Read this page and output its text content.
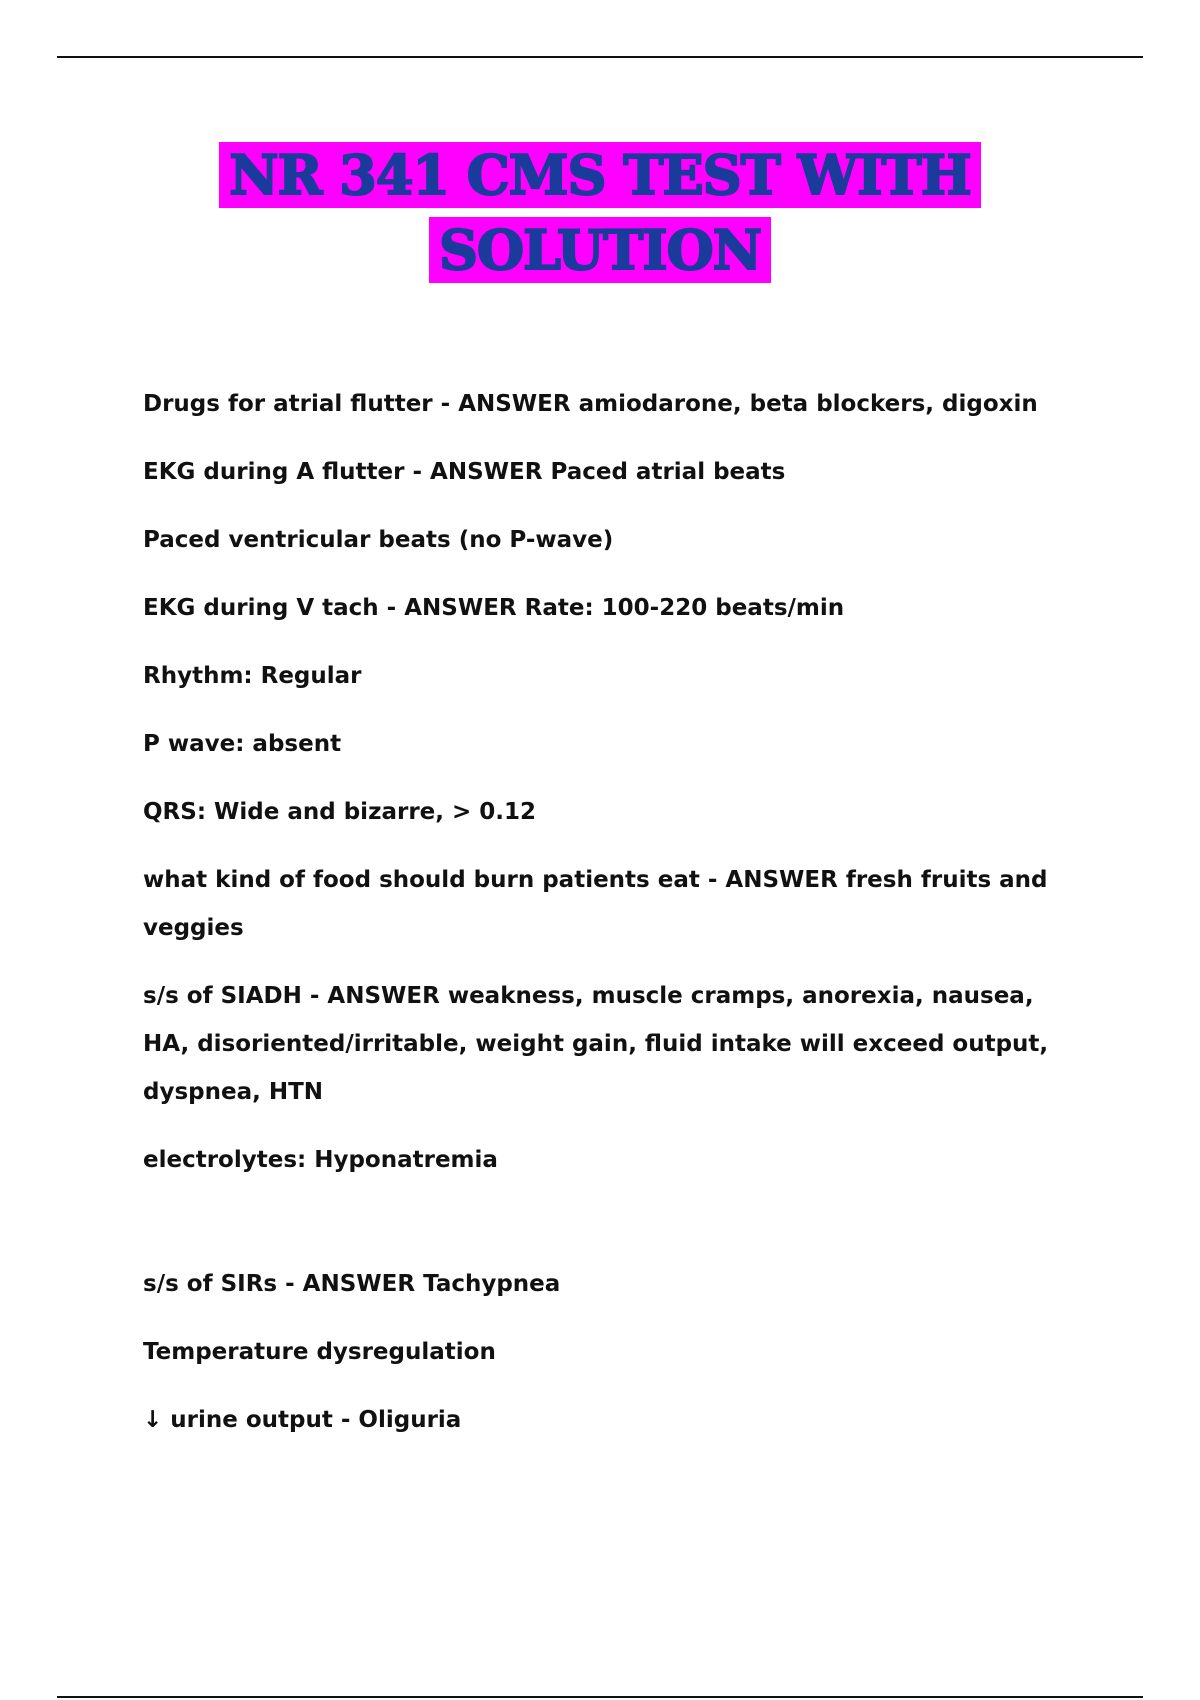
NR 341 CMS TEST WITH
SOLUTION
Drugs for atrial flutter - ANSWER amiodarone, beta blockers, digoxin
EKG during A flutter - ANSWER Paced atrial beats
Paced ventricular beats (no P-wave)
EKG during V tach - ANSWER Rate: 100-220 beats/min
Rhythm: Regular
P wave: absent
QRS: Wide and bizarre, > 0.12
what kind of food should burn patients eat - ANSWER fresh fruits and veggies
s/s of SIADH - ANSWER weakness, muscle cramps, anorexia, nausea, HA, disoriented/irritable, weight gain, fluid intake will exceed output, dyspnea, HTN
electrolytes: Hyponatremia
s/s of SIRs - ANSWER Tachypnea
Temperature dysregulation
↓ urine output - Oliguria
